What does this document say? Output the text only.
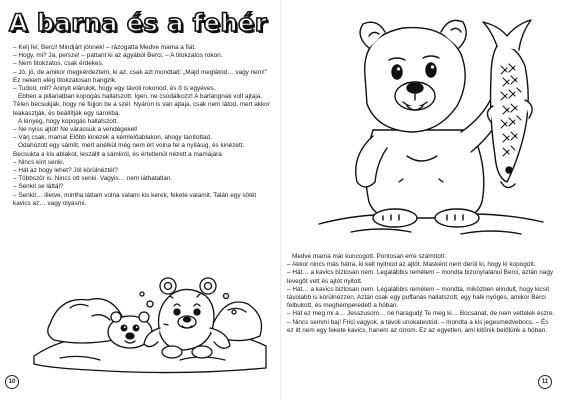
A barna és a fehér

– Kelj fel, Berci! Mindjárt jönnek! – rázogatta Medve mama a fiát.

– Hogy, mi? Ja, persze! – pattant ki az ágyából Berci. – A titokzatos rokon.

– Nem titokzatos, csak érdekes.

– Jó, jó, de amikor megkérdeztem, ki az, csak azt mondtad: „Majd meglátod… vagy nem!” Ez nekem elég titokzatosan hangzik.

– Tudod, mit? Annyit elárulok, hogy egy távoli rokonod, és ő is egyéves.

Ebben a pillanatban kopogás hallatszott. Igen, ne csodálkozz! A barlangnak volt ajtaja. Télen becsukják, hogy ne fújjon be a szél. Nyáron is van ajtaja, csak nem látod, mert akkor leakasztják, és beállítják egy sarokba.

A lényeg, hogy kopogás hallatszott.

– Ne nyiss ajtót! Ne várassuk a vendégeket!

– Várj csak, mama! Előbb kinézek a kémlelőablakon, ahogy tanítottad.

Odahúzott egy sámlit, mert anélkül még nem ért volna fel a nyílásig, és kinézett. Becsukta a kis ablakot, leszállt a sámliról, és értetlenül nézett a mamájára.

– Nincs kint senki.

– Hát az hogy lehet? Jól körülnéztél?

– Többször is. Nincs ott senki. Vagyis… nem láthatatlan.

– Senkit se láttál?

– Senkit… illetve, mintha láttam volna valami kis kerek, fekete valamit. Talán egy sötét kavics az… vagy olyasmi.

10

Medve mama már kuncogott. Pontosan erre számított.

– Akkor nincs más hátra, ki kell nyitnod az ajtót. Másként nem derül ki, hogy ki kopogott.

– Hát… a kavics biztosan nem. Legalábbis remélem – mondta bizonytalanul Berci, aztán nagy levegőt vett és ajtót nyitott.

– Hát… a kavics biztosan nem. Legalábbis remélem – mondta, miközben elindult, hogy kicsit távolabb is körülnézzen. Aztán csak egy puffanás hallatszott, egy halk nyögés, amikor Berci felbukott, és meghemperedett a hóban.

– Hát ez meg mi a… Jesszusom… ne haragudj! Te meg ki… Bocsánat, de nem vettelek észre.

– Nincs semmi baj! Frici vagyok, a távoli unokatestód. – mondta a kis jegesmedvebocs. – És ez itt nem egy fekete kavics, hanem az orrom. Ez az egyetlen, ami kitűnik belőlünk a hóban.

11
